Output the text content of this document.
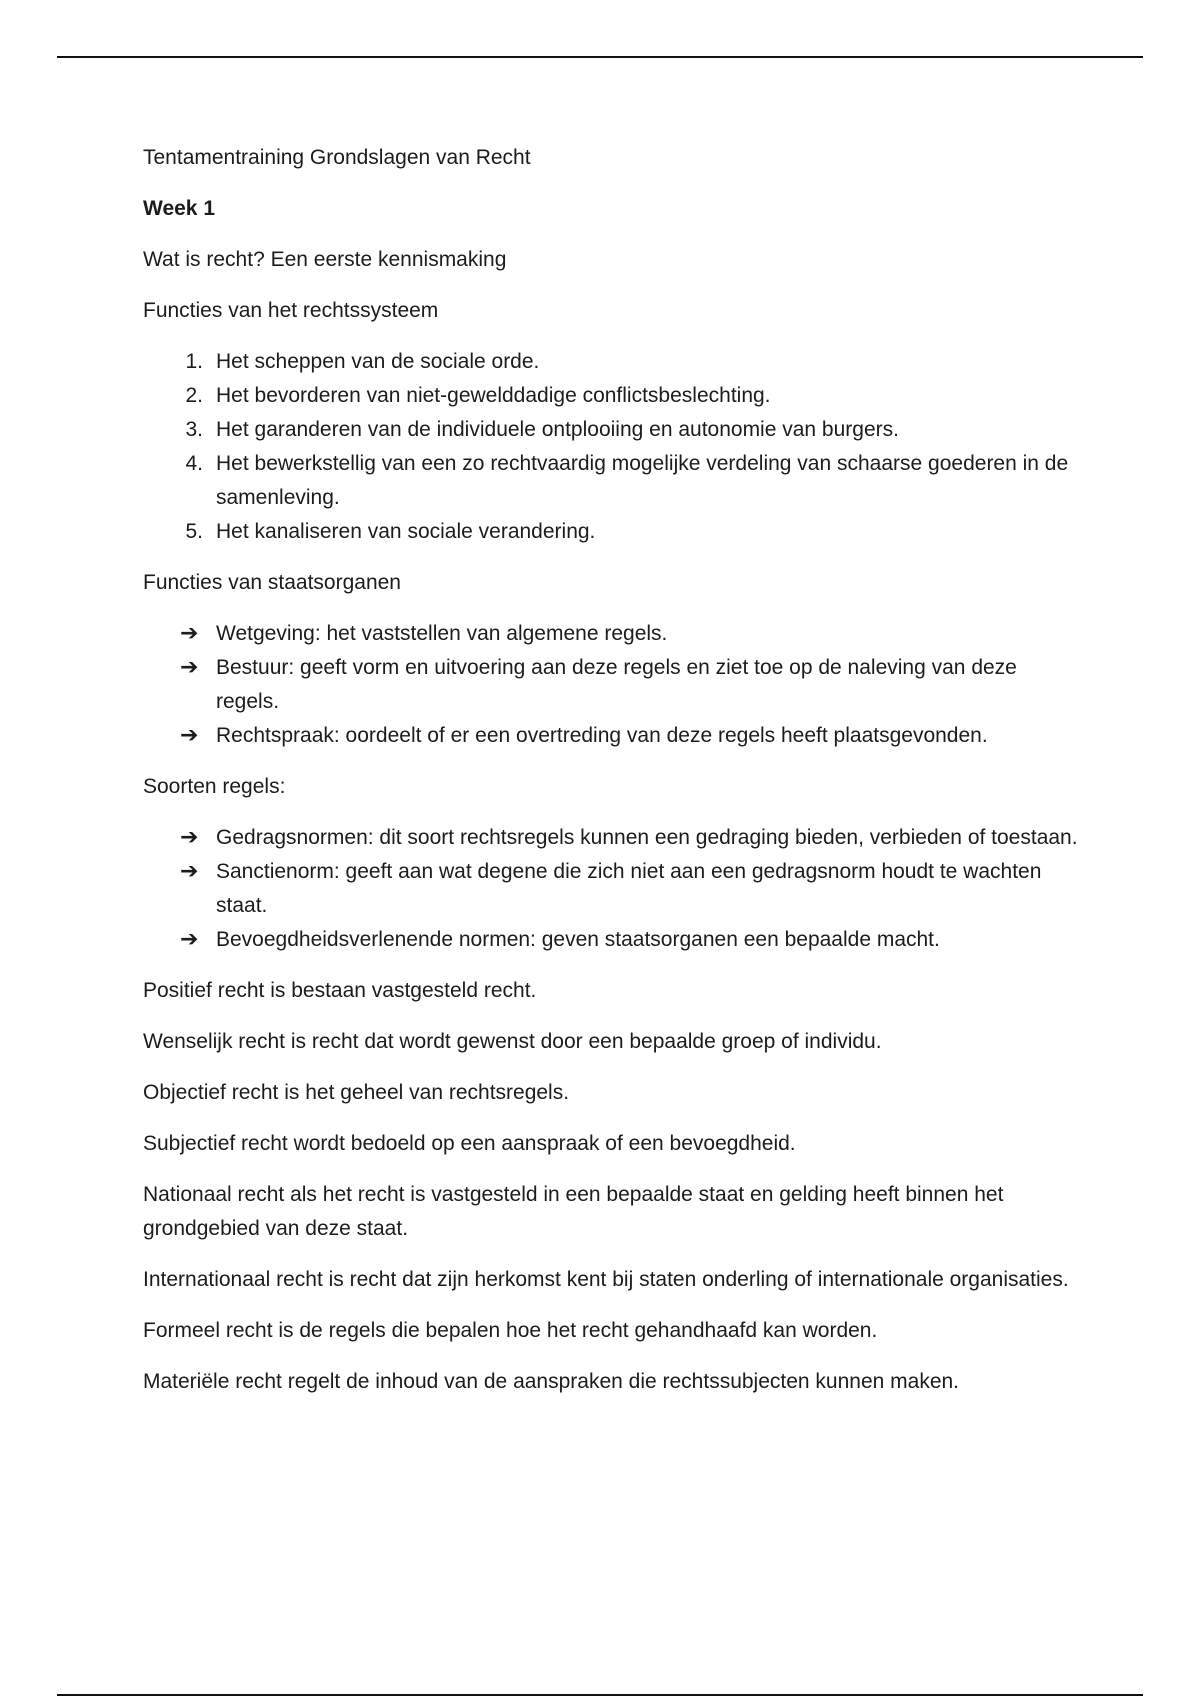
Tentamentraining Grondslagen van Recht

Week 1

Wat is recht? Een eerste kennismaking

Functies van het rechtssysteem

1. Het scheppen van de sociale orde.
2. Het bevorderen van niet-gewelddadige conflictsbeslechting.
3. Het garanderen van de individuele ontplooiing en autonomie van burgers.
4. Het bewerkstellig van een zo rechtvaardig mogelijke verdeling van schaarse goederen in de samenleving.
5. Het kanaliseren van sociale verandering.

Functies van staatsorganen

➔ Wetgeving: het vaststellen van algemene regels.
➔ Bestuur: geeft vorm en uitvoering aan deze regels en ziet toe op de naleving van deze regels.
➔ Rechtspraak: oordeelt of er een overtreding van deze regels heeft plaatsgevonden.

Soorten regels:

➔ Gedragsnormen: dit soort rechtsregels kunnen een gedraging bieden, verbieden of toestaan.
➔ Sanctienorm: geeft aan wat degene die zich niet aan een gedragsnorm houdt te wachten staat.
➔ Bevoegdheidsverlenende normen: geven staatsorganen een bepaalde macht.

Positief recht is bestaan vastgesteld recht.

Wenselijk recht is recht dat wordt gewenst door een bepaalde groep of individu.

Objectief recht is het geheel van rechtsregels.

Subjectief recht wordt bedoeld op een aanspraak of een bevoegdheid.

Nationaal recht als het recht is vastgesteld in een bepaalde staat en gelding heeft binnen het grondgebied van deze staat.

Internationaal recht is recht dat zijn herkomst kent bij staten onderling of internationale organisaties.

Formeel recht is de regels die bepalen hoe het recht gehandhaafd kan worden.

Materiële recht regelt de inhoud van de aanspraken die rechtssubjecten kunnen maken.
